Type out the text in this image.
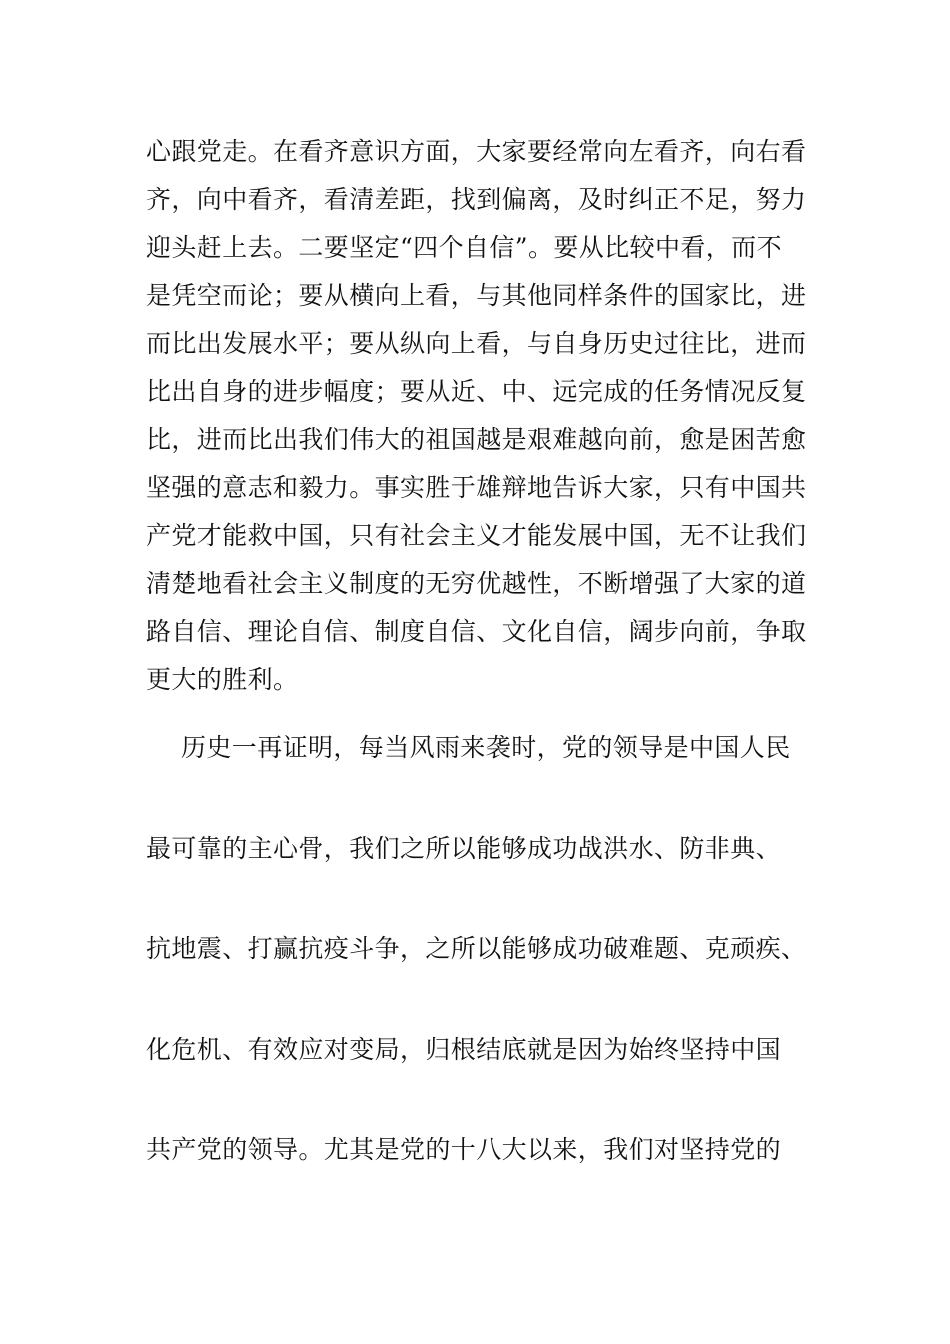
心跟党走。在看齐意识方面，大家要经常向左看齐，向右看
齐，向中看齐，看清差距，找到偏离，及时纠正不足，努力
迎头赶上去。二要坚定“四个自信”。要从比较中看，而不
是凭空而论；要从横向上看，与其他同样条件的国家比，进
而比出发展水平；要从纵向上看，与自身历史过往比，进而
比出自身的进步幅度；要从近、中、远完成的任务情况反复
比，进而比出我们伟大的祖国越是艰难越向前，愈是困苦愈
坚强的意志和毅力。事实胜于雄辩地告诉大家，只有中国共
产党才能救中国，只有社会主义才能发展中国，无不让我们
清楚地看社会主义制度的无穷优越性，不断增强了大家的道
路自信、理论自信、制度自信、文化自信，阔步向前，争取
更大的胜利。
历史一再证明，每当风雨来袭时，党的领导是中国人民
最可靠的主心骨，我们之所以能够成功战洪水、防非典、
抗地震、打赢抗疫斗争，之所以能够成功破难题、克顽疾、
化危机、有效应对变局，归根结底就是因为始终坚持中国
共产党的领导。尤其是党的十八大以来，我们对坚持党的
